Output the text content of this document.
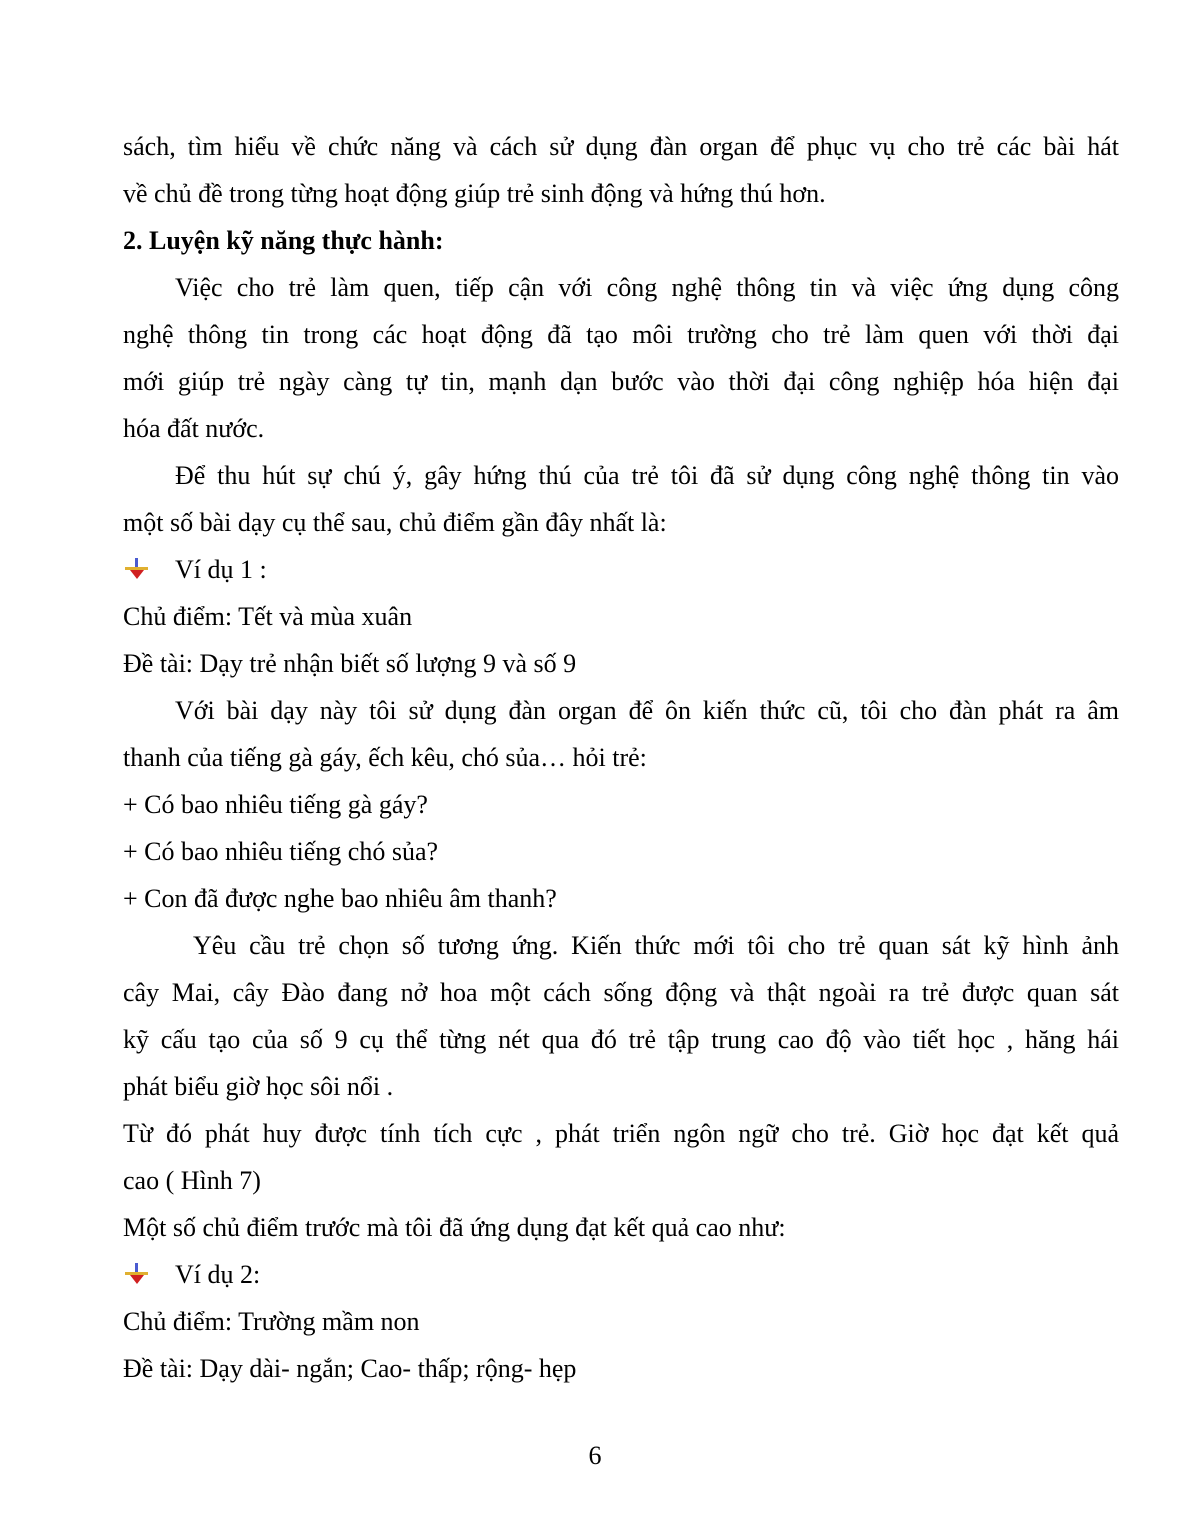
sách, tìm hiểu về chức năng và cách sử dụng đàn organ để phục vụ cho trẻ các bài hát

về chủ đề trong từng hoạt động giúp trẻ sinh động và hứng thú hơn.

2. Luyện kỹ năng thực hành:

Việc cho trẻ làm quen, tiếp cận với công nghệ thông tin và việc ứng dụng công

nghệ thông tin trong các hoạt động đã tạo môi trường cho trẻ làm quen với thời đại

mới giúp trẻ ngày càng tự tin, mạnh dạn bước vào thời đại công nghiệp hóa hiện đại

hóa đất nước.

Để thu hút sự chú ý, gây hứng thú của trẻ tôi đã sử dụng công nghệ thông tin vào

một số bài dạy cụ thể sau, chủ điểm gần đây nhất là:

Ví dụ 1 :

Chủ điểm: Tết và mùa xuân

Đề tài: Dạy trẻ nhận biết số lượng 9 và số 9

Với bài dạy này tôi sử dụng đàn organ để ôn kiến thức cũ, tôi cho đàn phát ra âm

thanh của tiếng gà gáy, ếch kêu, chó sủa… hỏi trẻ:

+ Có bao nhiêu tiếng gà gáy?

+ Có bao nhiêu tiếng chó sủa?

+ Con đã được nghe bao nhiêu âm thanh?

Yêu cầu trẻ chọn số tương ứng. Kiến thức mới tôi cho trẻ quan sát kỹ hình ảnh

cây Mai, cây Đào đang nở hoa một cách sống động và thật ngoài ra trẻ được quan sát

kỹ cấu tạo của số 9 cụ thể từng nét qua đó trẻ tập trung cao độ vào tiết học , hăng hái

phát biểu giờ học sôi nổi .

Từ đó phát huy được tính tích cực , phát triển ngôn ngữ cho trẻ. Giờ học đạt kết quả

cao ( Hình 7)

Một số chủ điểm trước mà tôi đã ứng dụng đạt kết quả cao như:

Ví dụ 2:

Chủ điểm: Trường mầm non

Đề tài: Dạy dài- ngắn; Cao- thấp; rộng- hẹp

6
